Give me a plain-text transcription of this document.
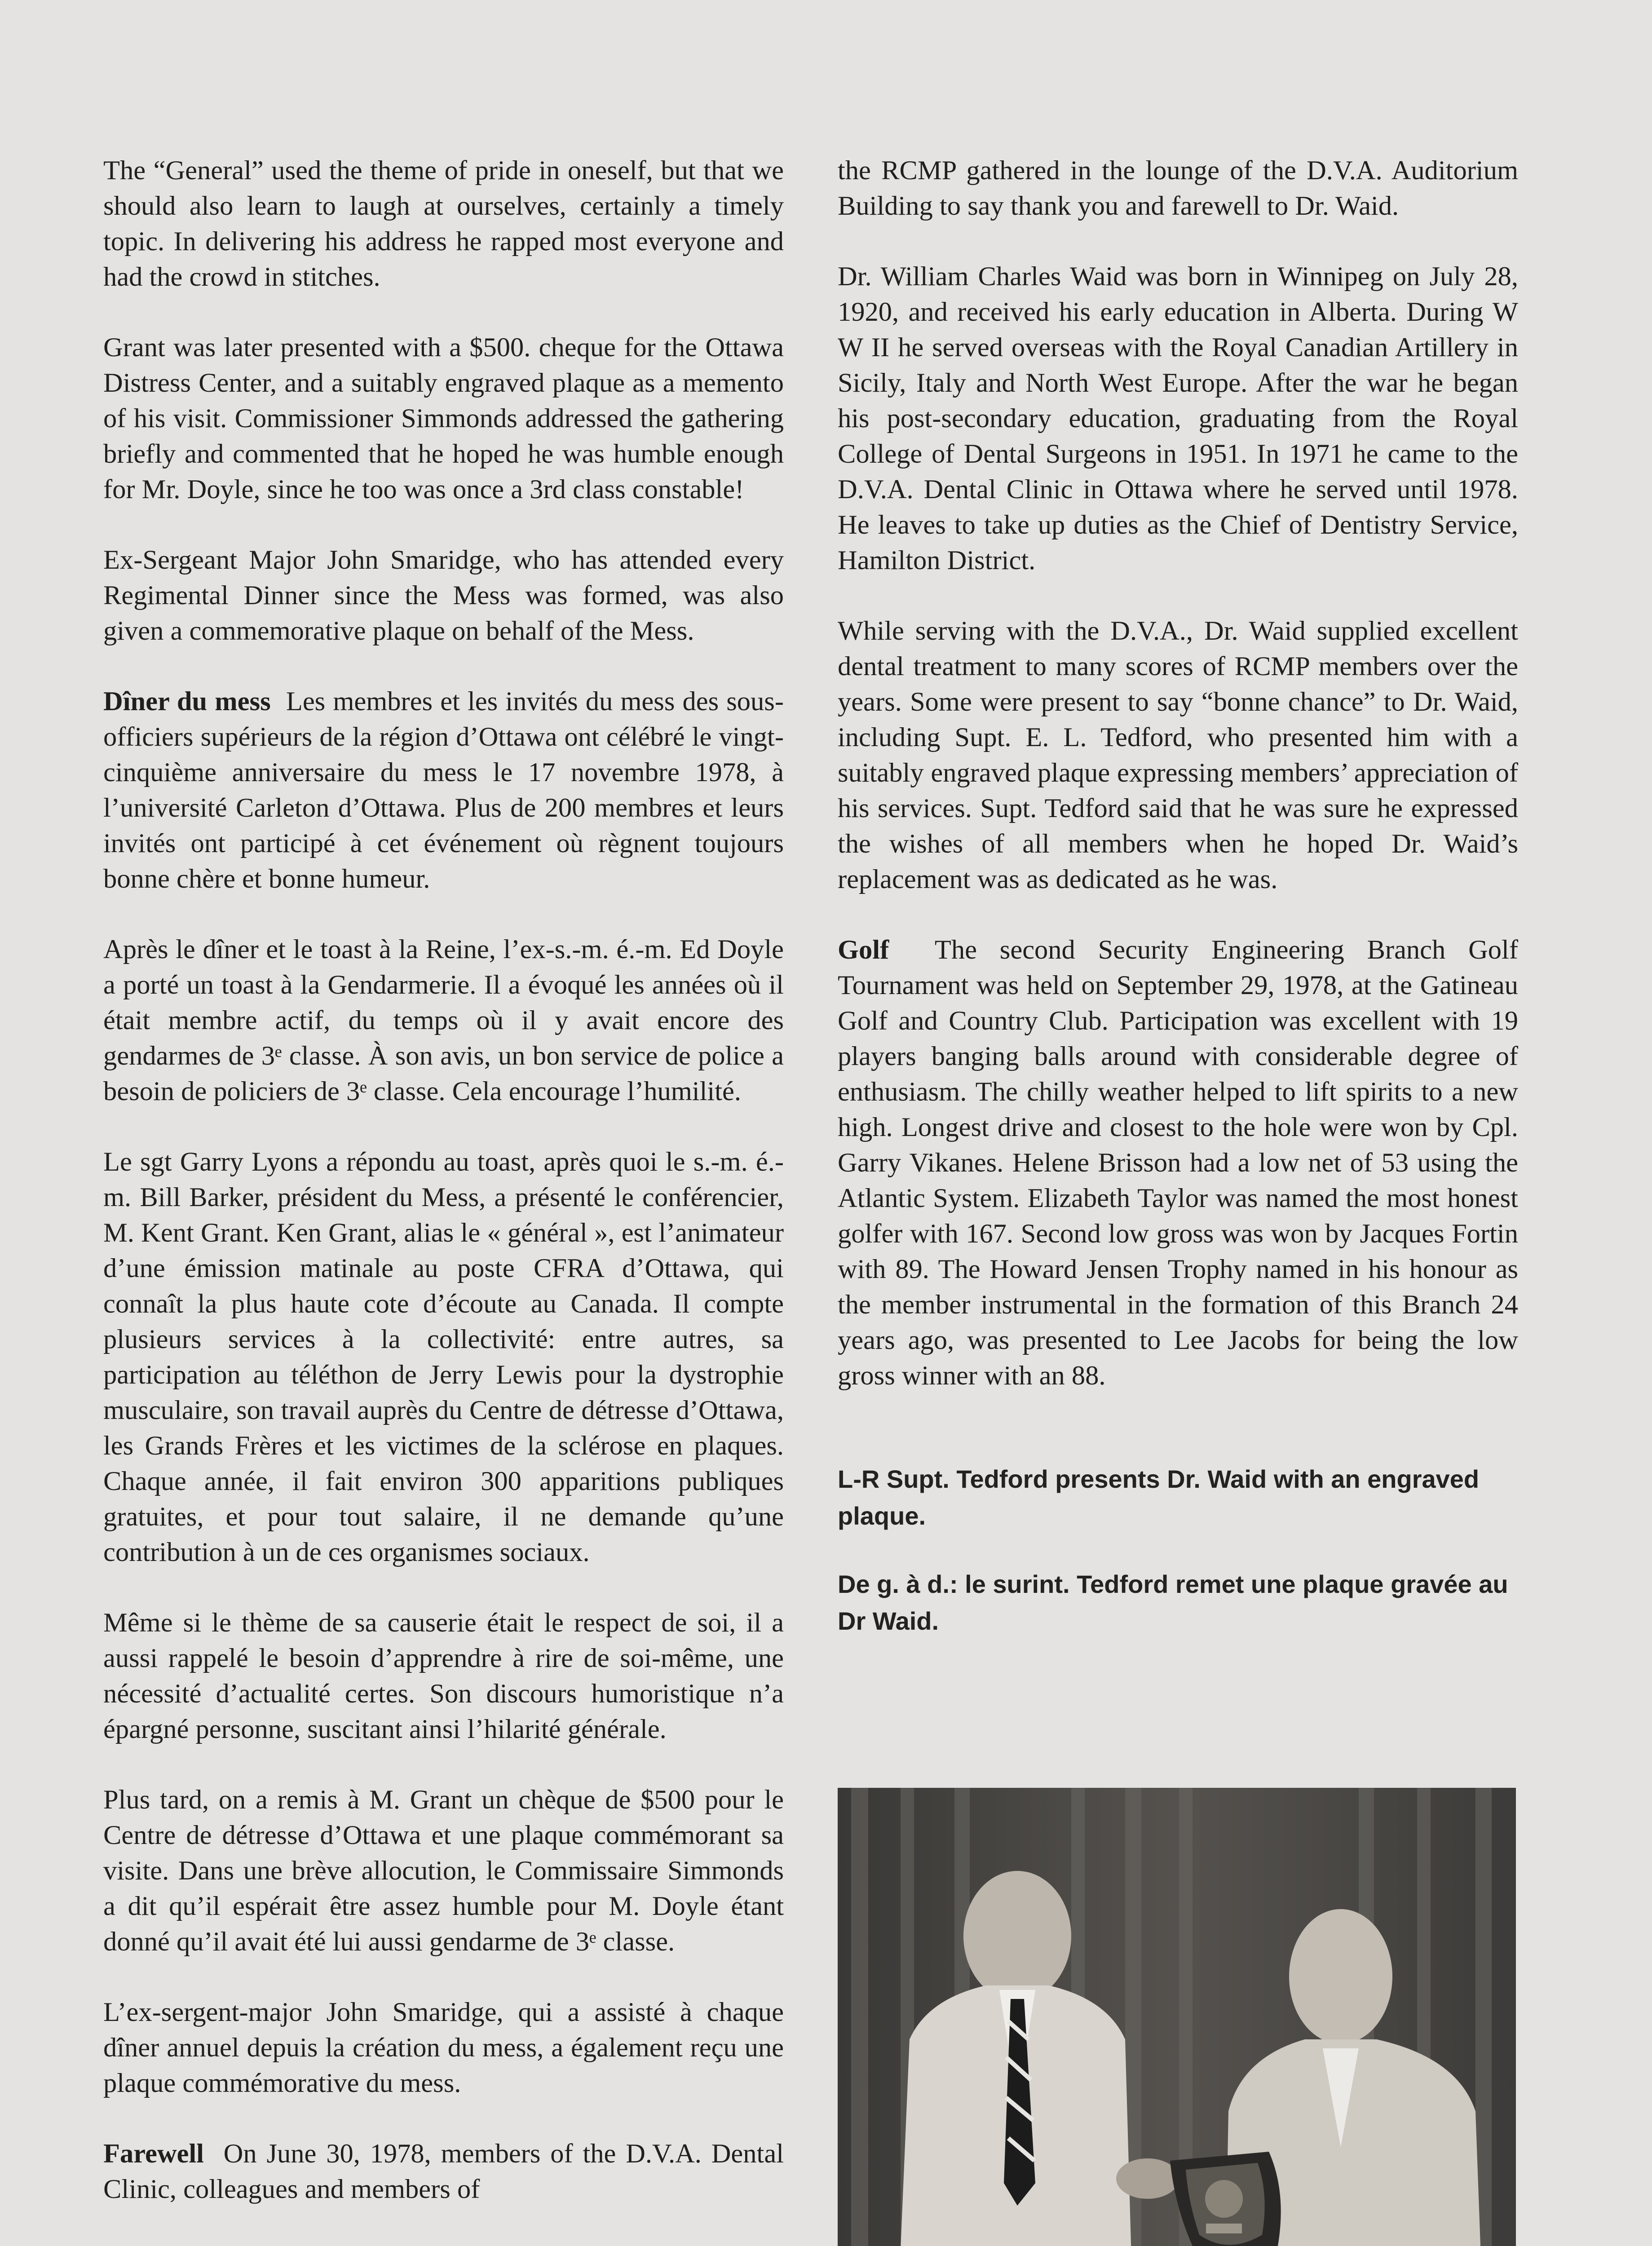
The “General” used the theme of pride in oneself, but that we should also learn to laugh at ourselves, certainly a timely topic. In delivering his address he rapped most everyone and had the crowd in stitches.

Grant was later presented with a $500. cheque for the Ottawa Distress Center, and a suitably engraved plaque as a memento of his visit. Commissioner Simmonds addressed the gathering briefly and commented that he hoped he was humble enough for Mr. Doyle, since he too was once a 3rd class constable!

Ex-Sergeant Major John Smaridge, who has attended every Regimental Dinner since the Mess was formed, was also given a commemorative plaque on behalf of the Mess.

Dîner du mess Les membres et les invités du mess des sous-officiers supérieurs de la région d’Ottawa ont célébré le vingt-cinquième anniversaire du mess le 17 novembre 1978, à l’université Carleton d’Ottawa. Plus de 200 membres et leurs invités ont participé à cet événement où règnent toujours bonne chère et bonne humeur.

Après le dîner et le toast à la Reine, l’ex-s.-m. é.-m. Ed Doyle a porté un toast à la Gendarmerie. Il a évoqué les années où il était membre actif, du temps où il y avait encore des gendarmes de 3ᵉ classe. À son avis, un bon service de police a besoin de policiers de 3ᵉ classe. Cela encourage l’humilité.

Le sgt Garry Lyons a répondu au toast, après quoi le s.-m. é.-m. Bill Barker, président du Mess, a présenté le conférencier, M. Kent Grant. Ken Grant, alias le « général », est l’animateur d’une émission matinale au poste CFRA d’Ottawa, qui connaît la plus haute cote d’écoute au Canada. Il compte plusieurs services à la collectivité: entre autres, sa participation au téléthon de Jerry Lewis pour la dystrophie musculaire, son travail auprès du Centre de détresse d’Ottawa, les Grands Frères et les victimes de la sclérose en plaques. Chaque année, il fait environ 300 apparitions publiques gratuites, et pour tout salaire, il ne demande qu’une contribution à un de ces organismes sociaux.

Même si le thème de sa causerie était le respect de soi, il a aussi rappelé le besoin d’apprendre à rire de soi-même, une nécessité d’actualité certes. Son discours humoristique n’a épargné personne, suscitant ainsi l’hilarité générale.

Plus tard, on a remis à M. Grant un chèque de $500 pour le Centre de détresse d’Ottawa et une plaque commémorant sa visite. Dans une brève allocution, le Commissaire Simmonds a dit qu’il espérait être assez humble pour M. Doyle étant donné qu’il avait été lui aussi gendarme de 3ᵉ classe.

L’ex-sergent-major John Smaridge, qui a assisté à chaque dîner annuel depuis la création du mess, a également reçu une plaque commémorative du mess.

Farewell On June 30, 1978, members of the D.V.A. Dental Clinic, colleagues and members of

the RCMP gathered in the lounge of the D.V.A. Auditorium Building to say thank you and farewell to Dr. Waid.

Dr. William Charles Waid was born in Winnipeg on July 28, 1920, and received his early education in Alberta. During W W II he served overseas with the Royal Canadian Artillery in Sicily, Italy and North West Europe. After the war he began his post-secondary education, graduating from the Royal College of Dental Surgeons in 1951. In 1971 he came to the D.V.A. Dental Clinic in Ottawa where he served until 1978. He leaves to take up duties as the Chief of Dentistry Service, Hamilton District.

While serving with the D.V.A., Dr. Waid supplied excellent dental treatment to many scores of RCMP members over the years. Some were present to say “bonne chance” to Dr. Waid, including Supt. E. L. Tedford, who presented him with a suitably engraved plaque expressing members’ appreciation of his services. Supt. Tedford said that he was sure he expressed the wishes of all members when he hoped Dr. Waid’s replacement was as dedicated as he was.

Golf The second Security Engineering Branch Golf Tournament was held on September 29, 1978, at the Gatineau Golf and Country Club. Participation was excellent with 19 players banging balls around with considerable degree of enthusiasm. The chilly weather helped to lift spirits to a new high. Longest drive and closest to the hole were won by Cpl. Garry Vikanes. Helene Brisson had a low net of 53 using the Atlantic System. Elizabeth Taylor was named the most honest golfer with 167. Second low gross was won by Jacques Fortin with 89. The Howard Jensen Trophy named in his honour as the member instrumental in the formation of this Branch 24 years ago, was presented to Lee Jacobs for being the low gross winner with an 88.

L-R Supt. Tedford presents Dr. Waid with an engraved plaque.

De g. à d.: le surint. Tedford remet une plaque gravée au Dr Waid.
